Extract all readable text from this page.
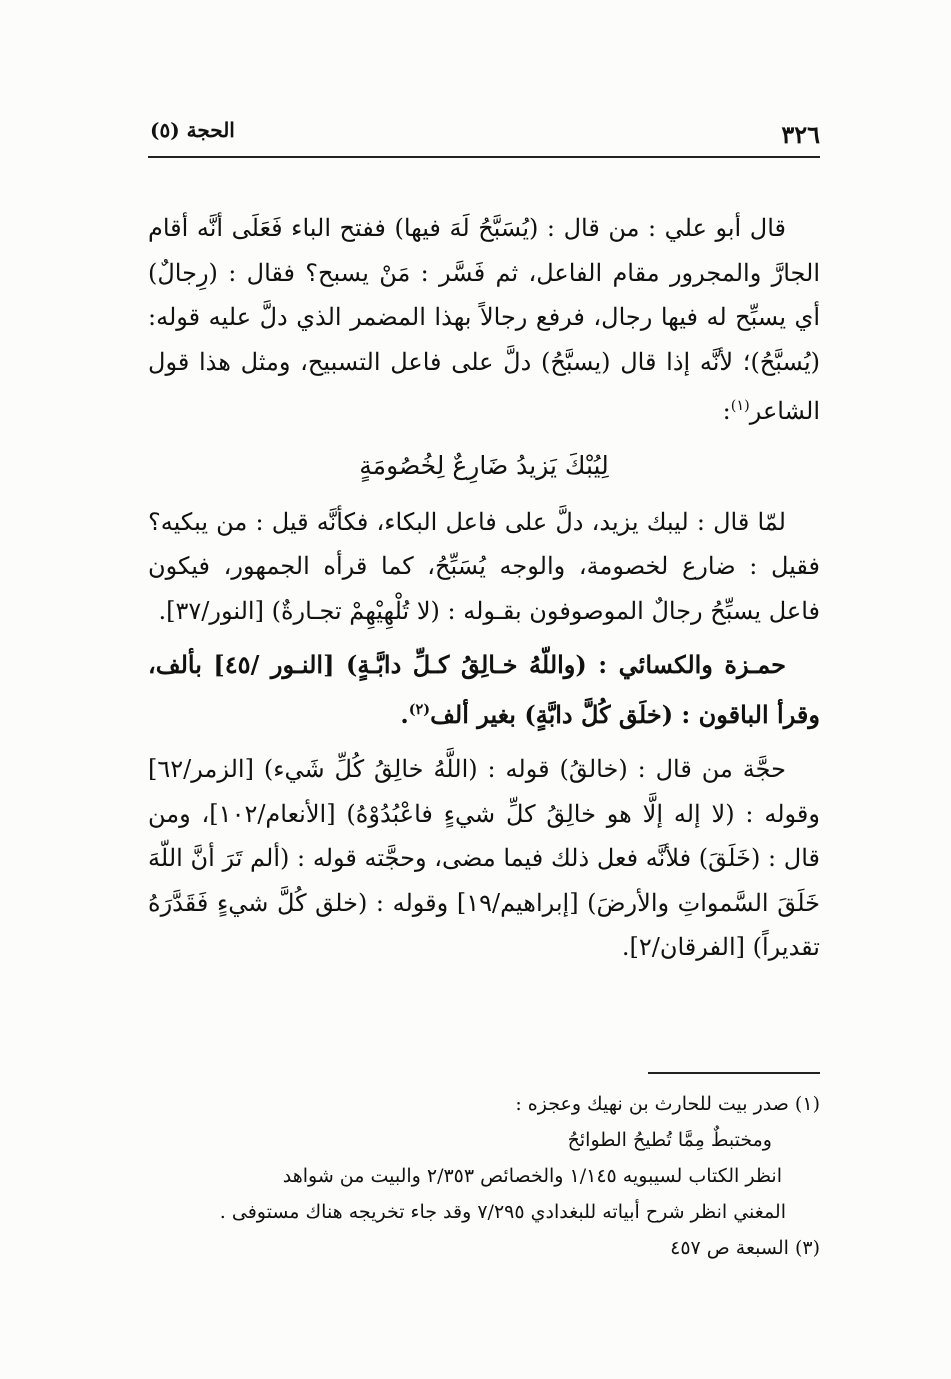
٣٢٦
الحجة (٥)

قال أبو علي : من قال : (يُسَبَّحُ لَهَ فيها) ففتح الباء فَعَلَى أنَّه أقام الجارَّ والمجرور مقام الفاعل، ثم فَسَّر : مَنْ يسبح؟ فقال : (رِجالٌ) أي يسبِّح له فيها رجال، فرفع رجالاً بهذا المضمر الذي دلَّ عليه قوله: (يُسبَّحُ)؛ لأنَّه إذا قال (يسبَّحُ) دلَّ على فاعل التسبيح، ومثل هذا قول الشاعر$^{(١)}$:

لِيُبْكَ يَزيدُ ضَارِعٌ لِخُصُومَةٍ

لمّا قال : ليبك يزيد، دلَّ على فاعل البكاء، فكأنَّه قيل : من يبكيه؟ فقيل : ضارع لخصومة، والوجه يُسَبِّحُ، كما قرأه الجمهور، فيكون فاعل يسبِّحُ رجالٌ الموصوفون بقـوله : (لا تُلْهِيْهِمْ تجـارةٌ) [النور/٣٧].

حمـزة والكسائي : (واللّهُ خـالِقُ كـلِّ دابَّـةٍ) [النـور /٤٥] بألف، وقرأ الباقون : (خلَق كُلَّ دابَّةٍ) بغير ألف$^{(٢)}$.

حجَّة من قال : (خالقُ) قوله : (اللَّهُ خالِقُ كُلِّ شَيء) [الزمر/٦٢] وقوله : (لا إله إلَّا هو خالِقُ كلِّ شيءٍ فاعْبُدُوْهُ) [الأنعام/١٠٢]، ومن قال : (خَلَقَ) فلأنَّه فعل ذلك فيما مضى، وحجَّته قوله : (ألم تَرَ أنَّ اللّهَ خَلَقَ السَّمواتِ والأرضَ) [إبراهيم/١٩] وقوله : (خلق كُلَّ شيءٍ فَقَدَّرَهُ تقديراً) [الفرقان/٢].

(١) صدر بيت للحارث بن نهيك وعجزه :

ومختبطٌ مِمَّا تُطيحُ الطوائحُ

انظر الكتاب لسيبويه ١/١٤٥ والخصائص ٢/٣٥٣ والبيت من شواهد

المغني انظر شرح أبياته للبغدادي ٧/٢٩٥ وقد جاء تخريجه هناك مستوفى .

(٣) السبعة ص ٤٥٧
